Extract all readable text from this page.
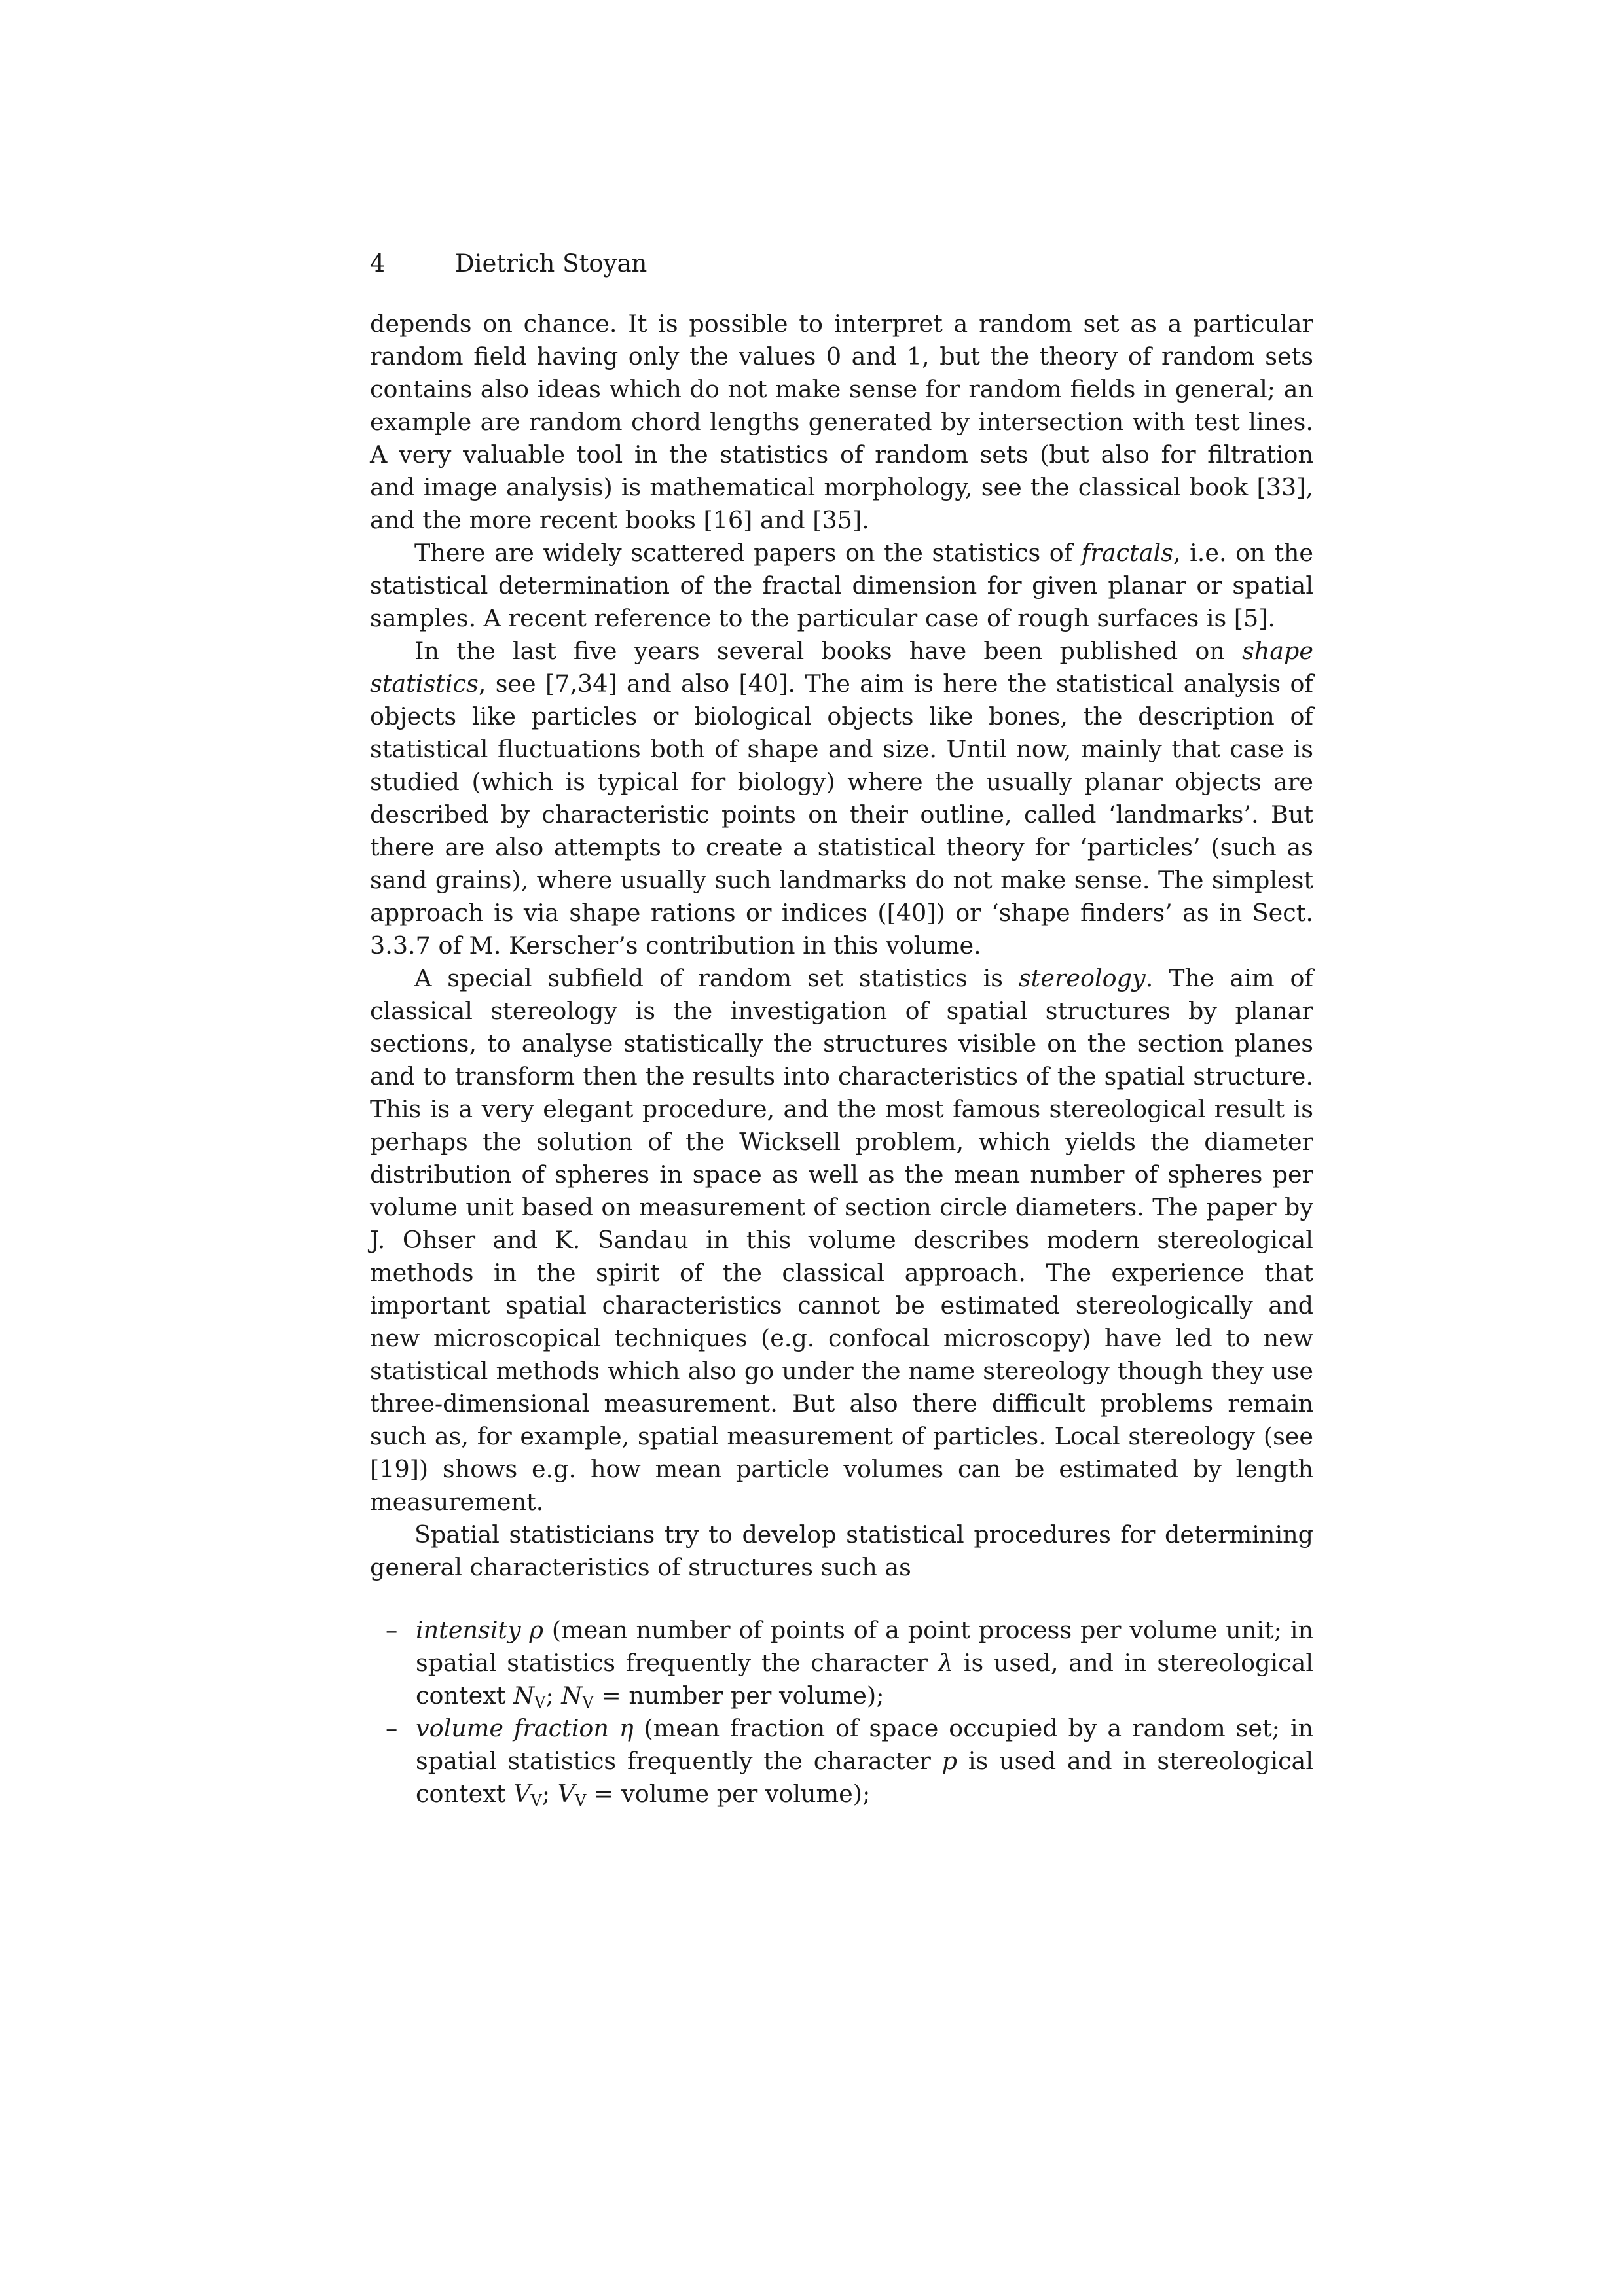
4	Dietrich Stoyan

depends on chance. It is possible to interpret a random set as a particular random field having only the values 0 and 1, but the theory of random sets contains also ideas which do not make sense for random fields in general; an example are random chord lengths generated by intersection with test lines. A very valuable tool in the statistics of random sets (but also for filtration and image analysis) is mathematical morphology, see the classical book [33], and the more recent books [16] and [35].

There are widely scattered papers on the statistics of fractals, i.e. on the statistical determination of the fractal dimension for given planar or spatial samples. A recent reference to the particular case of rough surfaces is [5].

In the last five years several books have been published on shape statistics, see [7,34] and also [40]. The aim is here the statistical analysis of objects like particles or biological objects like bones, the description of statistical fluctuations both of shape and size. Until now, mainly that case is studied (which is typical for biology) where the usually planar objects are described by characteristic points on their outline, called ‘landmarks’. But there are also attempts to create a statistical theory for ‘particles’ (such as sand grains), where usually such landmarks do not make sense. The simplest approach is via shape rations or indices ([40]) or ‘shape finders’ as in Sect. 3.3.7 of M. Kerscher’s contribution in this volume.

A special subfield of random set statistics is stereology. The aim of classical stereology is the investigation of spatial structures by planar sections, to analyse statistically the structures visible on the section planes and to transform then the results into characteristics of the spatial structure. This is a very elegant procedure, and the most famous stereological result is perhaps the solution of the Wicksell problem, which yields the diameter distribution of spheres in space as well as the mean number of spheres per volume unit based on measurement of section circle diameters. The paper by J. Ohser and K. Sandau in this volume describes modern stereological methods in the spirit of the classical approach. The experience that important spatial characteristics cannot be estimated stereologically and new microscopical techniques (e.g. confocal microscopy) have led to new statistical methods which also go under the name stereology though they use three-dimensional measurement. But also there difficult problems remain such as, for example, spatial measurement of particles. Local stereology (see [19]) shows e.g. how mean particle volumes can be estimated by length measurement.

Spatial statisticians try to develop statistical procedures for determining general characteristics of structures such as

– intensity ρ (mean number of points of a point process per volume unit; in spatial statistics frequently the character λ is used, and in stereological context $N_V$; $N_V$ = number per volume);
– volume fraction η (mean fraction of space occupied by a random set; in spatial statistics frequently the character p is used and in stereological context $V_V$; $V_V$ = volume per volume);
